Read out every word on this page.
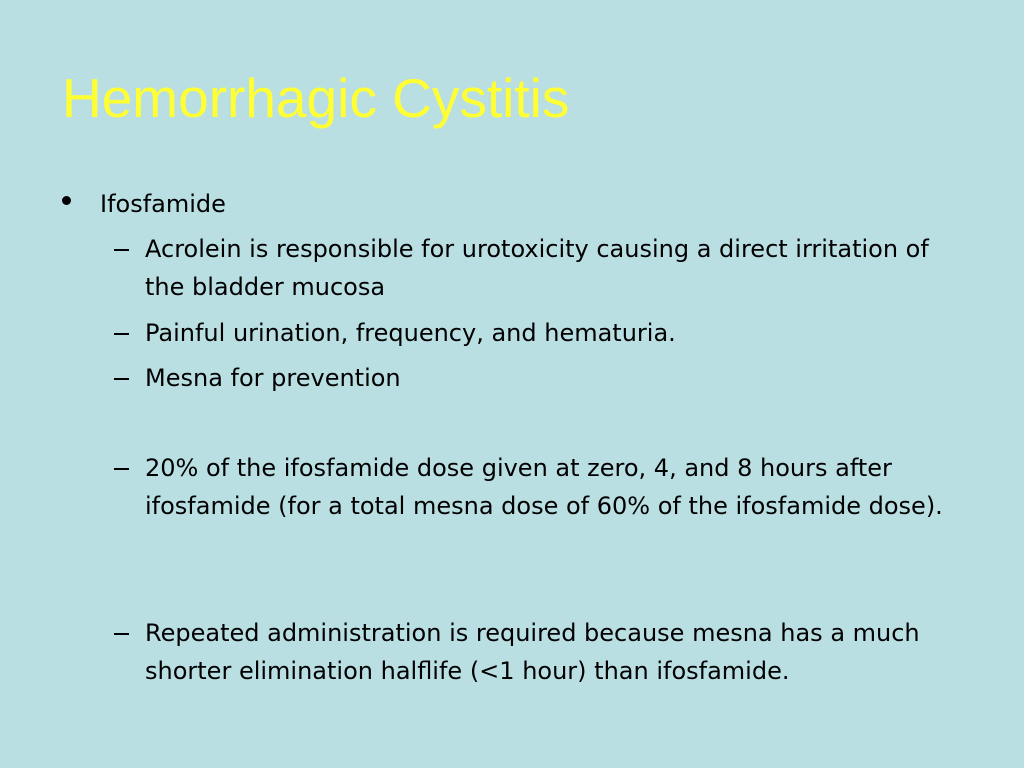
Hemorrhagic Cystitis
Ifosfamide
Acrolein is responsible for urotoxicity causing a direct irritation of the bladder mucosa
Painful urination, frequency, and hematuria.
Mesna for prevention
20% of the ifosfamide dose given at zero, 4, and 8 hours after ifosfamide (for a total mesna dose of 60% of the ifosfamide dose).
Repeated administration is required because mesna has a much shorter elimination halflife (<1 hour) than ifosfamide.
